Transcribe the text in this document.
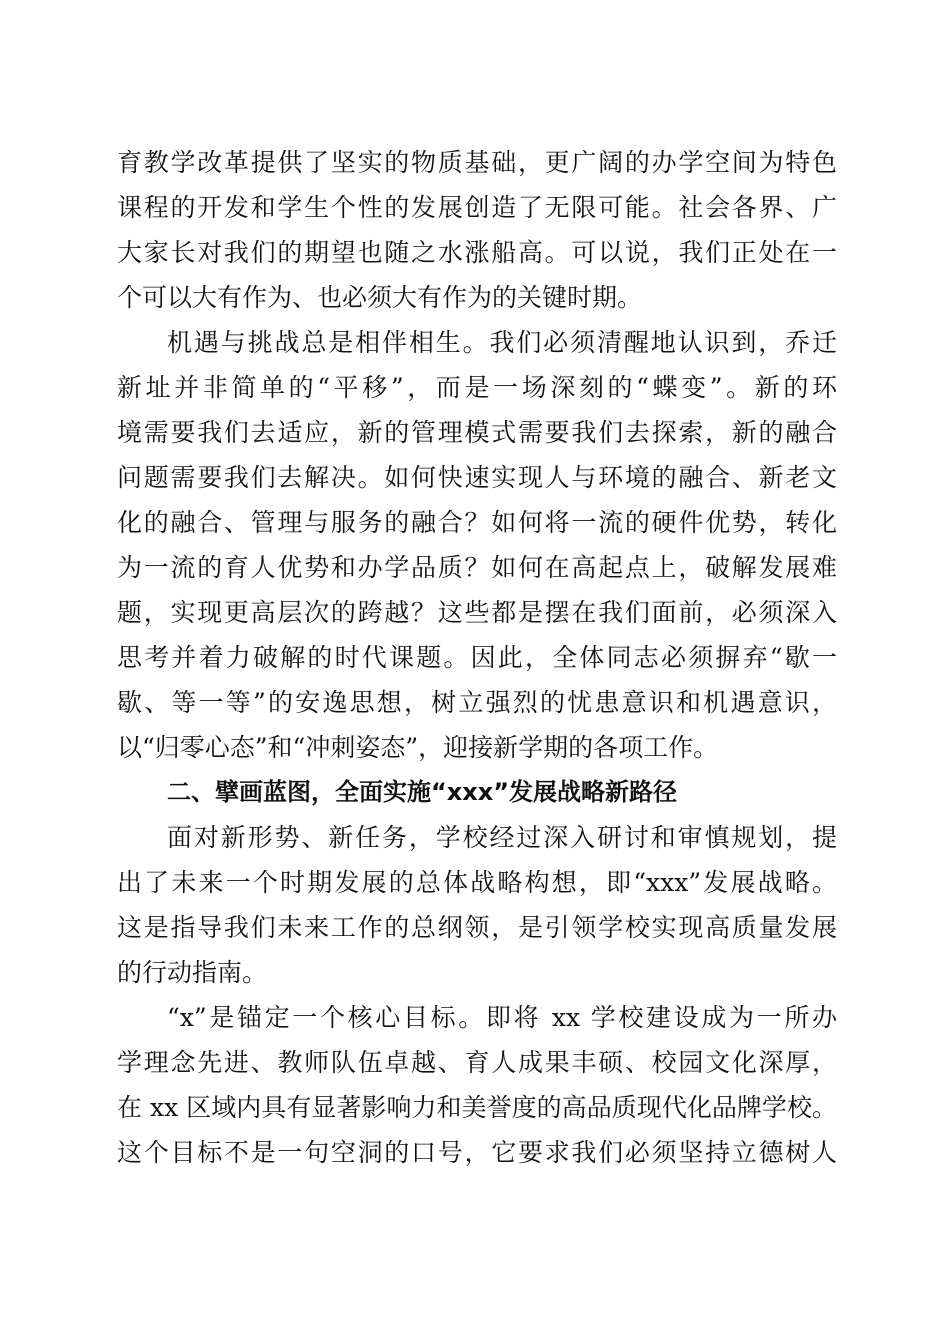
育教学改革提供了坚实的物质基础，更广阔的办学空间为特色
课程的开发和学生个性的发展创造了无限可能。社会各界、广
大家长对我们的期望也随之水涨船高。可以说，我们正处在一
个可以大有作为、也必须大有作为的关键时期。
机遇与挑战总是相伴相生。我们必须清醒地认识到，乔迁
新址并非简单的“平移”，而是一场深刻的“蝶变”。新的环
境需要我们去适应，新的管理模式需要我们去探索，新的融合
问题需要我们去解决。如何快速实现人与环境的融合、新老文
化的融合、管理与服务的融合？如何将一流的硬件优势，转化
为一流的育人优势和办学品质？如何在高起点上，破解发展难
题，实现更高层次的跨越？这些都是摆在我们面前，必须深入
思考并着力破解的时代课题。因此，全体同志必须摒弃“歇一
歇、等一等”的安逸思想，树立强烈的忧患意识和机遇意识，
以“归零心态”和“冲刺姿态”，迎接新学期的各项工作。
二、擘画蓝图，全面实施“xxx”发展战略新路径
面对新形势、新任务，学校经过深入研讨和审慎规划，提
出了未来一个时期发展的总体战略构想，即“xxx”发展战略。
这是指导我们未来工作的总纲领，是引领学校实现高质量发展
的行动指南。
“x”是锚定一个核心目标。即将 xx 学校建设成为一所办
学理念先进、教师队伍卓越、育人成果丰硕、校园文化深厚，
在 xx 区域内具有显著影响力和美誉度的高品质现代化品牌学校。
这个目标不是一句空洞的口号，它要求我们必须坚持立德树人
